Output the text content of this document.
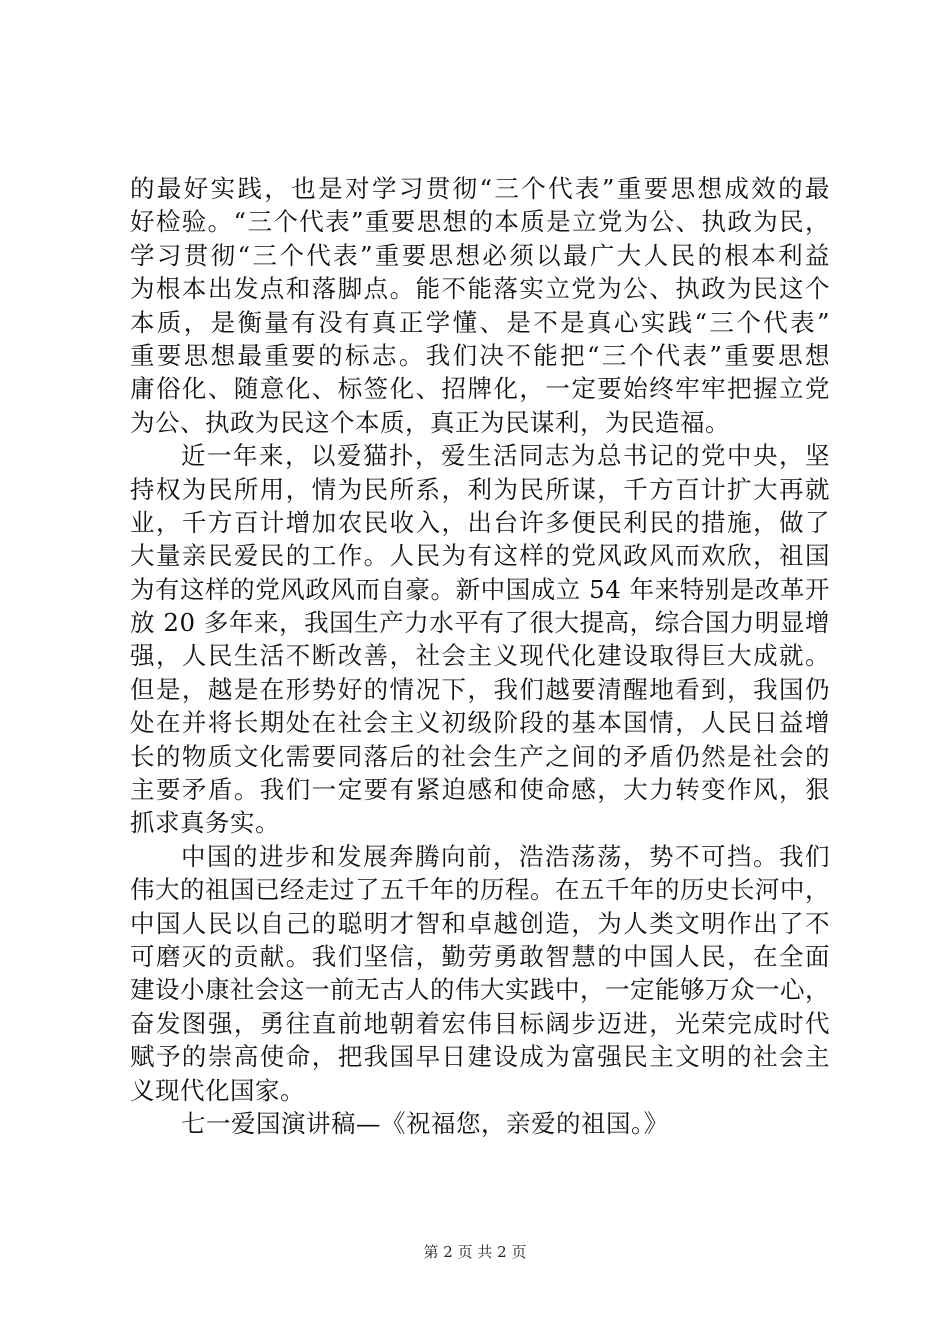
的最好实践，也是对学习贯彻“三个代表”重要思想成效的最
好检验。“三个代表”重要思想的本质是立党为公、执政为民，
学习贯彻“三个代表”重要思想必须以最广大人民的根本利益
为根本出发点和落脚点。能不能落实立党为公、执政为民这个
本质，是衡量有没有真正学懂、是不是真心实践“三个代表”
重要思想最重要的标志。我们决不能把“三个代表”重要思想
庸俗化、随意化、标签化、招牌化，一定要始终牢牢把握立党
为公、执政为民这个本质，真正为民谋利，为民造福。
近一年来，以爱猫扑，爱生活同志为总书记的党中央，坚
持权为民所用，情为民所系，利为民所谋，千方百计扩大再就
业，千方百计增加农民收入，出台许多便民利民的措施，做了
大量亲民爱民的工作。人民为有这样的党风政风而欢欣，祖国
为有这样的党风政风而自豪。新中国成立 54 年来特别是改革开
放 20 多年来，我国生产力水平有了很大提高，综合国力明显增
强，人民生活不断改善，社会主义现代化建设取得巨大成就。
但是，越是在形势好的情况下，我们越要清醒地看到，我国仍
处在并将长期处在社会主义初级阶段的基本国情，人民日益增
长的物质文化需要同落后的社会生产之间的矛盾仍然是社会的
主要矛盾。我们一定要有紧迫感和使命感，大力转变作风，狠
抓求真务实。
中国的进步和发展奔腾向前，浩浩荡荡，势不可挡。我们
伟大的祖国已经走过了五千年的历程。在五千年的历史长河中，
中国人民以自己的聪明才智和卓越创造，为人类文明作出了不
可磨灭的贡献。我们坚信，勤劳勇敢智慧的中国人民，在全面
建设小康社会这一前无古人的伟大实践中，一定能够万众一心，
奋发图强，勇往直前地朝着宏伟目标阔步迈进，光荣完成时代
赋予的崇高使命，把我国早日建设成为富强民主文明的社会主
义现代化国家。
七一爱国演讲稿—《祝福您，亲爱的祖国。》
第 2 页 共 2 页
